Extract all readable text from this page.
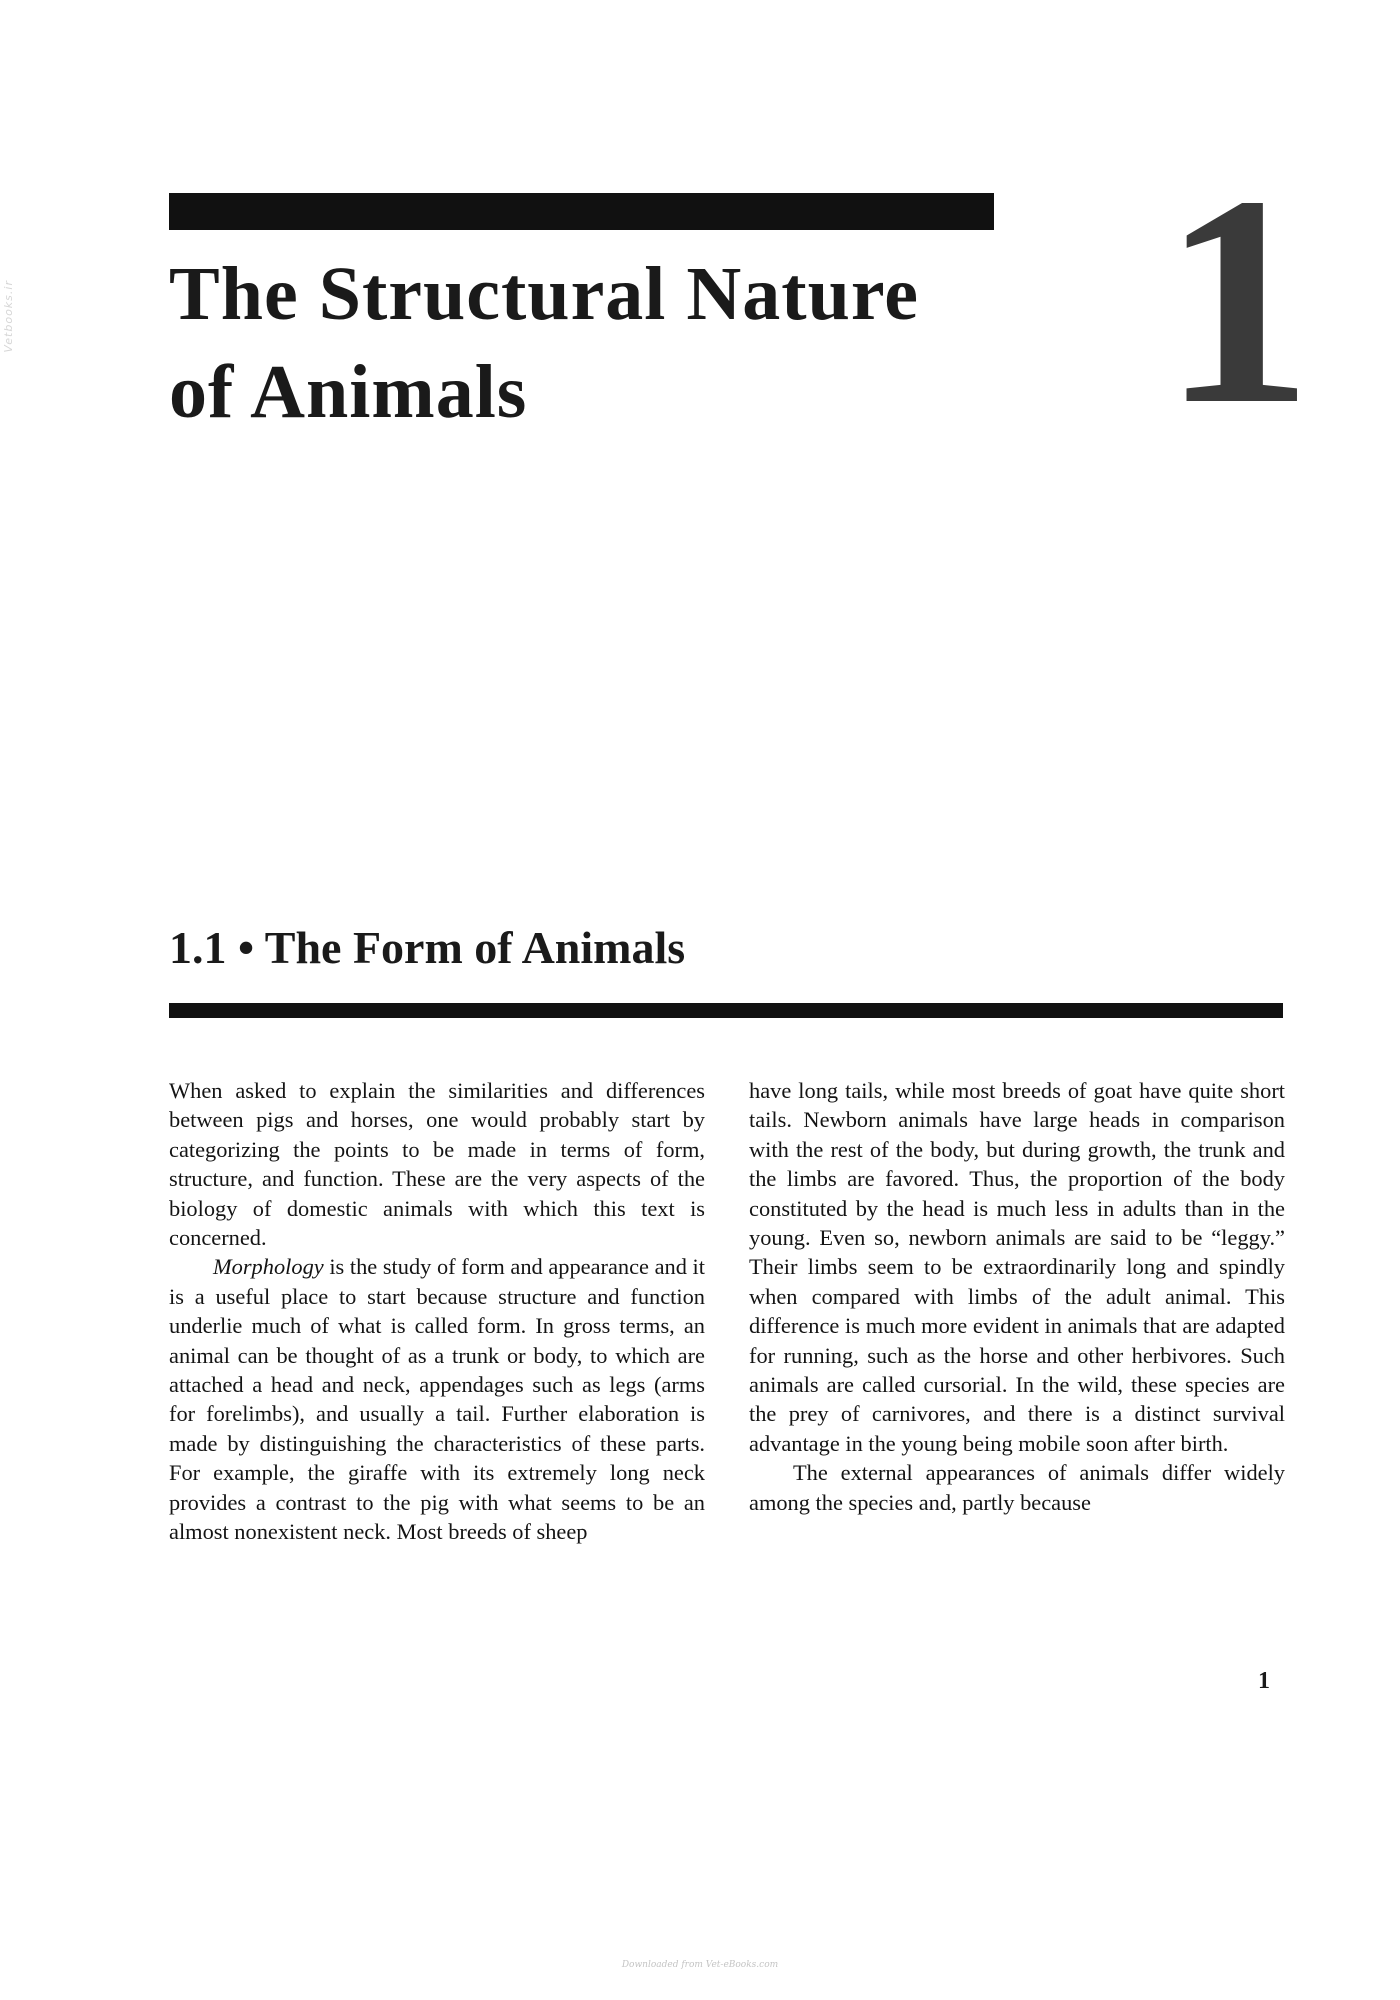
Vetbooks.ir The Structural Nature
of Animals	1
1.1 • The Form of Animals

When asked to explain the similarities and differences between pigs and horses, one would probably start by categorizing the points to be made in terms of form, structure, and function. These are the very aspects of the biology of domestic animals with which this text is concerned.

Morphology is the study of form and appearance and it is a useful place to start because structure and function underlie much of what is called form. In gross terms, an animal can be thought of as a trunk or body, to which are attached a head and neck, appendages such as legs (arms for forelimbs), and usually a tail. Further elaboration is made by distinguishing the characteristics of these parts. For example, the giraffe with its extremely long neck provides a contrast to the pig with what seems to be an almost nonexistent neck. Most breeds of sheep

have long tails, while most breeds of goat have quite short tails. Newborn animals have large heads in comparison with the rest of the body, but during growth, the trunk and the limbs are favored. Thus, the proportion of the body constituted by the head is much less in adults than in the young. Even so, newborn animals are said to be “leggy.” Their limbs seem to be extraordinarily long and spindly when compared with limbs of the adult animal. This difference is much more evident in animals that are adapted for running, such as the horse and other herbivores. Such animals are called cursorial. In the wild, these species are the prey of carnivores, and there is a distinct survival advantage in the young being mobile soon after birth.

The external appearances of animals differ widely among the species and, partly because

1
Downloaded from Vet-eBooks.com
